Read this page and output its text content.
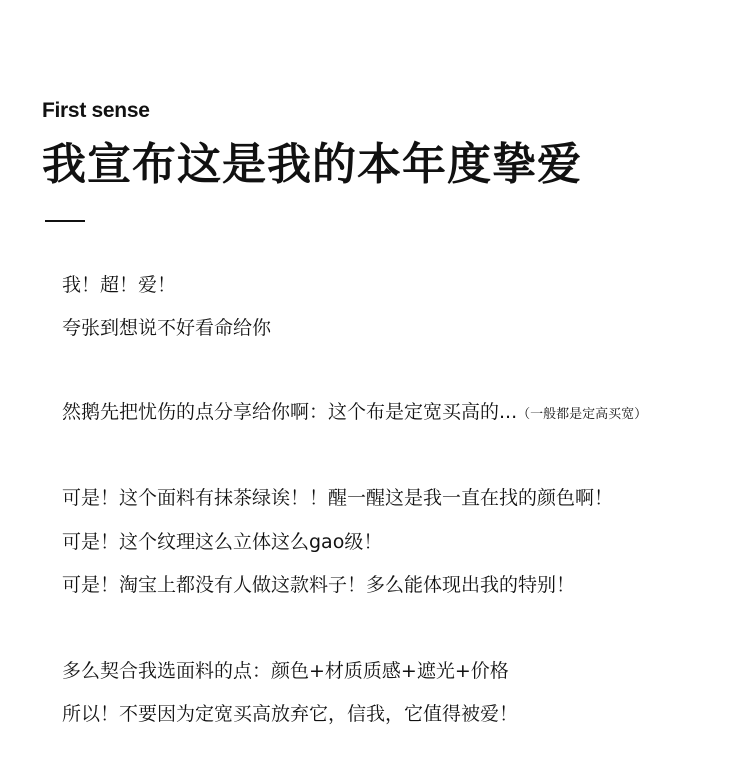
First sense
我宣布这是我的本年度挚爱
我！超！爱！
夸张到想说不好看命给你
然鹅先把忧伤的点分享给你啊：这个布是定宽买高的...（一般都是定高买宽）
可是！这个面料有抹茶绿诶！！醒一醒这是我一直在找的颜色啊！
可是！这个纹理这么立体这么gao级！
可是！淘宝上都没有人做这款料子！多么能体现出我的特别！
多么契合我选面料的点：颜色+材质质感+遮光+价格
所以！不要因为定宽买高放弃它，信我，它值得被爱！
